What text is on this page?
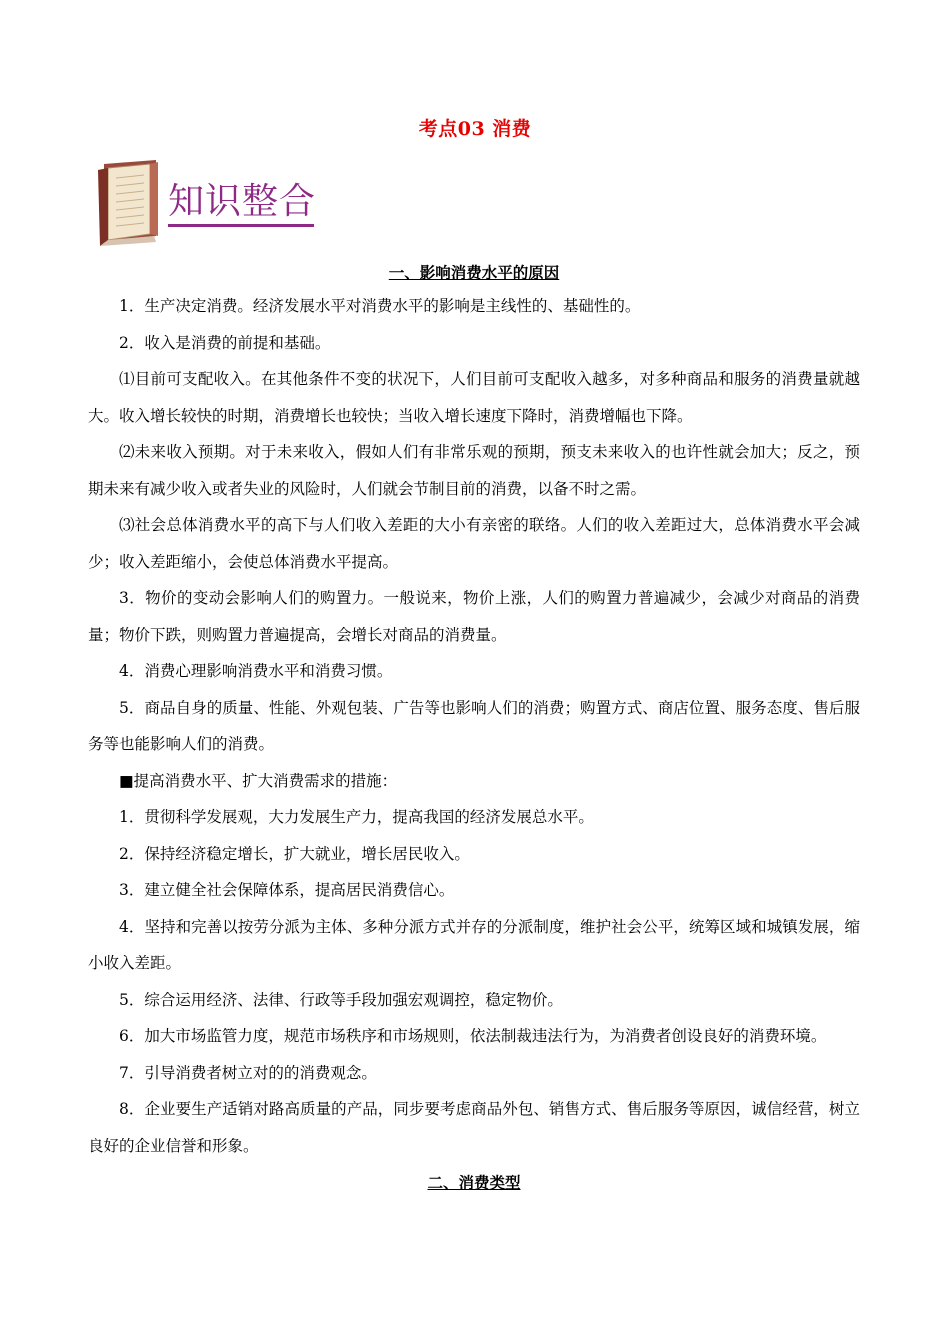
考点03 消费
知识整合
一、影响消费水平的原因

1．生产决定消费。经济发展水平对消费水平的影响是主线性的、基础性的。

2．收入是消费的前提和基础。

⑴目前可支配收入。在其他条件不变的状况下，人们目前可支配收入越多，对多种商品和服务的消费量就越大。收入增长较快的时期，消费增长也较快；当收入增长速度下降时，消费增幅也下降。

⑵未来收入预期。对于未来收入，假如人们有非常乐观的预期，预支未来收入的也许性就会加大；反之，预期未来有减少收入或者失业的风险时，人们就会节制目前的消费，以备不时之需。

⑶社会总体消费水平的高下与人们收入差距的大小有亲密的联络。人们的收入差距过大，总体消费水平会减少；收入差距缩小，会使总体消费水平提高。

3．物价的变动会影响人们的购置力。一般说来，物价上涨，人们的购置力普遍减少，会减少对商品的消费量；物价下跌，则购置力普遍提高，会增长对商品的消费量。

4．消费心理影响消费水平和消费习惯。

5．商品自身的质量、性能、外观包装、广告等也影响人们的消费；购置方式、商店位置、服务态度、售后服务等也能影响人们的消费。

■提高消费水平、扩大消费需求的措施：

1．贯彻科学发展观，大力发展生产力，提高我国的经济发展总水平。

2．保持经济稳定增长，扩大就业，增长居民收入。

3．建立健全社会保障体系，提高居民消费信心。

4．坚持和完善以按劳分派为主体、多种分派方式并存的分派制度，维护社会公平，统筹区域和城镇发展，缩小收入差距。

5．综合运用经济、法律、行政等手段加强宏观调控，稳定物价。

6．加大市场监管力度，规范市场秩序和市场规则，依法制裁违法行为，为消费者创设良好的消费环境。

7．引导消费者树立对的的消费观念。

8．企业要生产适销对路高质量的产品，同步要考虑商品外包、销售方式、售后服务等原因，诚信经营，树立良好的企业信誉和形象。

二、消费类型
